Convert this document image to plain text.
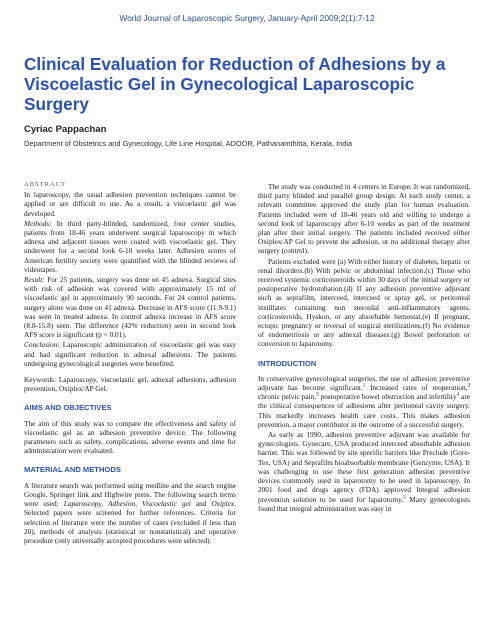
World Journal of Laparoscopic Surgery, January-April 2009;2(1):7-12
Clinical Evaluation for Reduction of Adhesions by a Viscoelastic Gel in Gynecological Laparoscopic Surgery
Cyriac Pappachan
Department of Obstetrics and Gynecology, Life Line Hospital, ADOOR, Pathanamthitta, Kerala, India
ABSTRACT

In laparoscopy, the usual adhesion prevention techniques cannot be applied or are difficult to use. As a result, a viscoelastic gel was developed.

Methods: In third party-blinded, randomized, four center studies, patients from 18-46 years underwent surgical laparoscopy in which adnexa and adjacent tissues were coated with viscoelastic gel. They underwent for a second look 6-10 weeks later. Adhesion scores of American fertility society were quantified with the blinded reviews of videotapes.

Result: For 25 patients, surgery was done on 45 adnexa. Surgical sites with risk of adhesion was covered with approximately 15 ml of viscoelastic gel in approximately 90 seconds. For 24 control patients, surgery alone was done on 41 adnexa. Decrease in AFS score (11.9-9.1) was seen in treated adnexa. In control adnexa increase in AFS score (8.8-15.8) seen. The difference (42% reduction) seen in second look AFS score is significant (p < 0.01).

Conclusion: Laparoscopic administration of viscoelastic gel was easy and had significant reduction in adnexal adhesions. The patients undergoing gynecological surgeries were benefited.

Keywords: Laparoscopy, viscoelastic gel, adnexal adhesions, adhesion prevention, Oxiplex/AP Gel.

AIMS AND OBJECTIVES

The aim of this study was to compare the effectiveness and safety of viscoelastic gel as an adhesion preventive device. The following parameters such as safety, complications, adverse events and time for administration were evaluated.

MATERIAL AND METHODS

A literature search was performed using medline and the search engine Google, Springer link and Highwire press. The following search terms were used: Laparoscopy, Adhesion, Viscoelastic gel and Oxiplex. Selected papers were screened for further references. Criteria for selection of literature were the number of cases (excluded if less than 20), methods of analysis (statistical or nonstatistical) and operative procedure (only universally accepted procedures were selected).

The study was conducted in 4 centers in Europe. It was randomized, third party blinded and parallel group design. At each study center, a relevant committee approved the study plan for human evaluation. Patients included were of 18-46 years old and willing to undergo a second look of laparoscopy after 6-10 weeks as part of the treatment plan after their initial surgery. The patients included received either Oxiplex/AP Gel to prevent the adhesion, or no additional therapy after surgery (control).

Patients excluded were (a) With either history of diabetes, hepatic or renal disorders.(b) With pelvic or abdominal infection.(c) Those who received systemic corticosteroids within 30 days of the initial surgery or postoperative hydrotubation.(d) If any adhesion preventive adjuvant such as seprafilm, interceed, interceed or spray gel, or peritoneal instillates containing non steroidal anti-inflammatory agents, corticosteroids, Hyskon, or any absorbable hemostat.(e) If pregnant, ectopic pregnancy or reversal of surgical sterilizations.(f) No evidence of endometriosis or any adnexal diseases.(g) Bowel perforation or conversion to laparotomy.

INTRODUCTION

In conservative gynecological surgeries, the use of adhesion preventive adjuvant has become significant.$^1$ Increased rates of reoperation,$^2$ chronic pelvic pain,$^3$ postoperative bowel obstruction and infertility$^4$ are the clinical consequences of adhesions after peritoneal cavity surgery. This markedly increases health care costs. This makes adhesion prevention, a major contributor in the outcome of a successful surgery.

As early as 1990, adhesion preventive adjuvant was available for gynecologists. Gynecare, USA produced interceed absorbable adhesion barrier. This was followed by site specific barriers like Preclude (Gore-Tex, USA) and Seprafilm bioabsorbable membrane (Genzyme, USA). It was challenging to use these first generation adhesion preventive devices commonly used in laparotomy to be used in laparoscopy. In 2001 food and drugs agency (FDA) approved Integral adhesion prevention solution to be used for laparotomy.$^5$ Many gynecologists found that integral administration was easy in
